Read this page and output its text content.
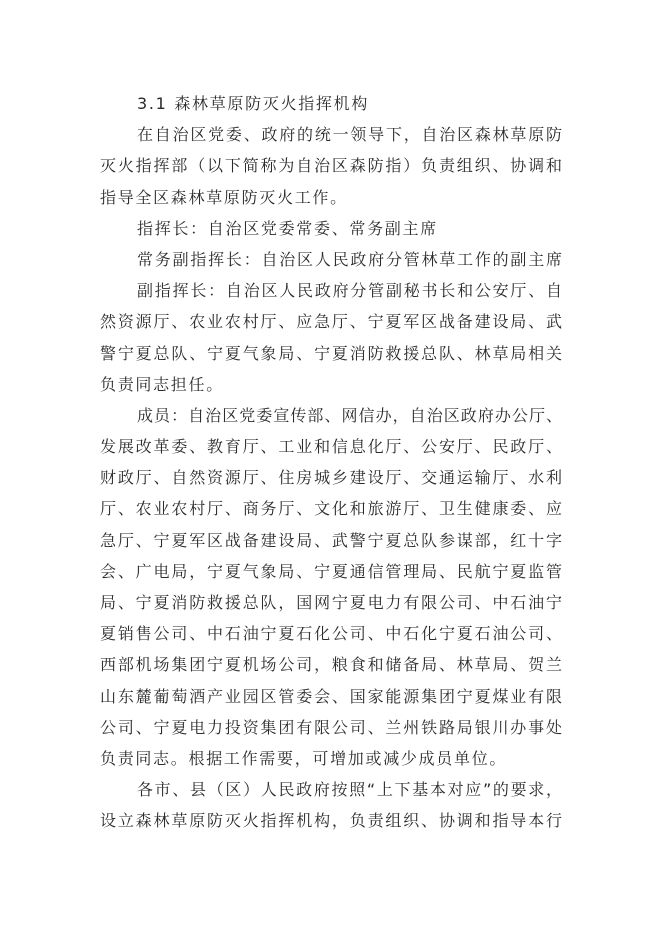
3.1 森林草原防灭火指挥机构
在自治区党委、政府的统一领导下，自治区森林草原防
灭火指挥部（以下简称为自治区森防指）负责组织、协调和
指导全区森林草原防灭火工作。
指挥长：自治区党委常委、常务副主席
常务副指挥长：自治区人民政府分管林草工作的副主席
副指挥长：自治区人民政府分管副秘书长和公安厅、自
然资源厅、农业农村厅、应急厅、宁夏军区战备建设局、武
警宁夏总队、宁夏气象局、宁夏消防救援总队、林草局相关
负责同志担任。
成员：自治区党委宣传部、网信办，自治区政府办公厅、
发展改革委、教育厅、工业和信息化厅、公安厅、民政厅、
财政厅、自然资源厅、住房城乡建设厅、交通运输厅、水利
厅、农业农村厅、商务厅、文化和旅游厅、卫生健康委、应
急厅、宁夏军区战备建设局、武警宁夏总队参谋部，红十字
会、广电局，宁夏气象局、宁夏通信管理局、民航宁夏监管
局、宁夏消防救援总队，国网宁夏电力有限公司、中石油宁
夏销售公司、中石油宁夏石化公司、中石化宁夏石油公司、
西部机场集团宁夏机场公司，粮食和储备局、林草局、贺兰
山东麓葡萄酒产业园区管委会、国家能源集团宁夏煤业有限
公司、宁夏电力投资集团有限公司、兰州铁路局银川办事处
负责同志。根据工作需要，可增加或减少成员单位。
各市、县（区）人民政府按照“上下基本对应”的要求，
设立森林草原防灭火指挥机构，负责组织、协调和指导本行
